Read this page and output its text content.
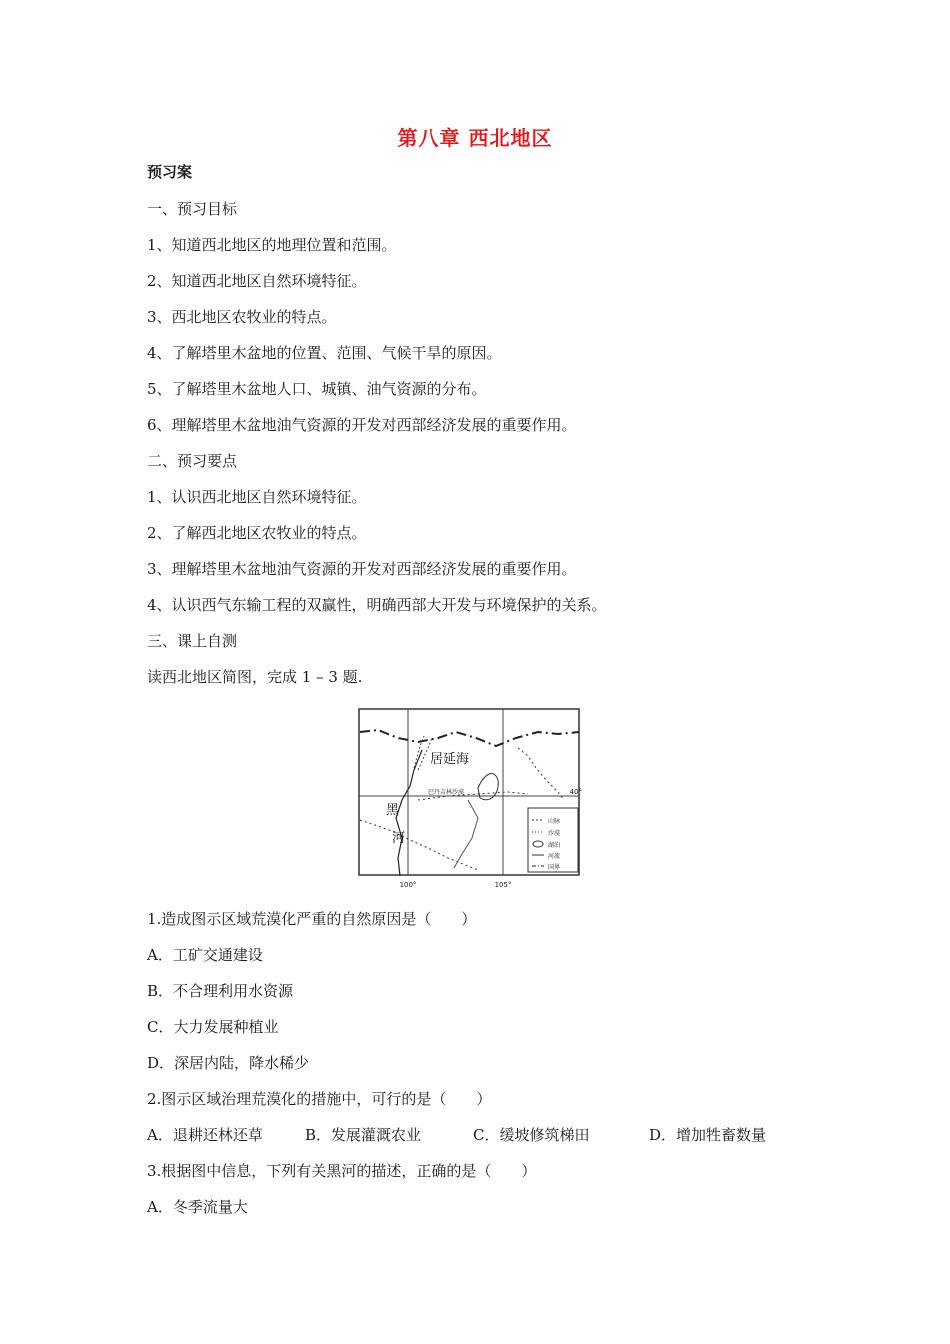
第八章 西北地区
预习案
一、预习目标
1、知道西北地区的地理位置和范围。
2、知道西北地区自然环境特征。
3、西北地区农牧业的特点。
4、了解塔里木盆地的位置、范围、气候干旱的原因。
5、了解塔里木盆地人口、城镇、油气资源的分布。
6、理解塔里木盆地油气资源的开发对西部经济发展的重要作用。
二、预习要点
1、认识西北地区自然环境特征。
2、了解西北地区农牧业的特点。
3、理解塔里木盆地油气资源的开发对西部经济发展的重要作用。
4、认识西气东输工程的双赢性，明确西部大开发与环境保护的关系。
三、课上自测
读西北地区简图，完成 1 – 3 题.
居延海
黑
河
巴丹吉林沙漠	40°
100°	105°
山脉
沙漠
湖泊
河流
国界
1.造成图示区域荒漠化严重的自然原因是（　　）
A．工矿交通建设
B．不合理利用水资源
C．大力发展种植业
D．深居内陆，降水稀少
2.图示区域治理荒漠化的措施中，可行的是（　　）
A．退耕还林还草	B．发展灌溉农业	C．缓坡修筑梯田	D．增加牲畜数量
3.根据图中信息，下列有关黑河的描述，正确的是（　　）
A．冬季流量大
